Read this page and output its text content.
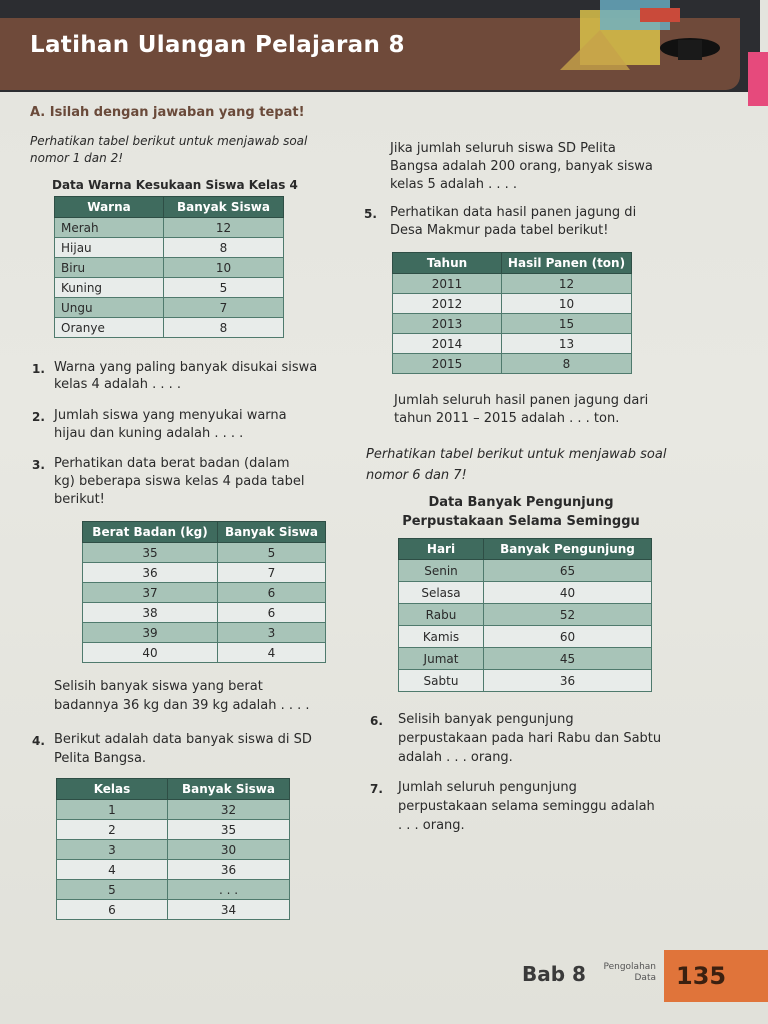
Latihan Ulangan Pelajaran 8
A. Isilah dengan jawaban yang tepat!
Perhatikan tabel berikut untuk menjawab soal
nomor 1 dan 2!
Data Warna Kesukaan Siswa Kelas 4
Warna	Banyak Siswa
Merah	12
Hijau	8
Biru	10
Kuning	5
Ungu	7
Oranye	8
1. Warna yang paling banyak disukai siswa
kelas 4 adalah . . . .
2. Jumlah siswa yang menyukai warna
hijau dan kuning adalah . . . .
3. Perhatikan data berat badan (dalam
kg) beberapa siswa kelas 4 pada tabel
berikut!
Berat Badan (kg)	Banyak Siswa
35	5
36	7
37	6
38	6
39	3
40	4
Selisih banyak siswa yang berat
badannya 36 kg dan 39 kg adalah . . . .
4. Berikut adalah data banyak siswa di SD
Pelita Bangsa.
Kelas	Banyak Siswa
1	32
2	35
3	30
4	36
5	. . .
6	34
Jika jumlah seluruh siswa SD Pelita
Bangsa adalah 200 orang, banyak siswa
kelas 5 adalah . . . .
5. Perhatikan data hasil panen jagung di
Desa Makmur pada tabel berikut!
Tahun	Hasil Panen (ton)
2011	12
2012	10
2013	15
2014	13
2015	8
Jumlah seluruh hasil panen jagung dari
tahun 2011 – 2015 adalah . . . ton.
Perhatikan tabel berikut untuk menjawab soal
nomor 6 dan 7!
Data Banyak Pengunjung
Perpustakaan Selama Seminggu
Hari	Banyak Pengunjung
Senin	65
Selasa	40
Rabu	52
Kamis	60
Jumat	45
Sabtu	36
6. Selisih banyak pengunjung
perpustakaan pada hari Rabu dan Sabtu
adalah . . . orang.
7. Jumlah seluruh pengunjung
perpustakaan selama seminggu adalah
. . . orang.
Bab 8	Pengolahan
Data 135
